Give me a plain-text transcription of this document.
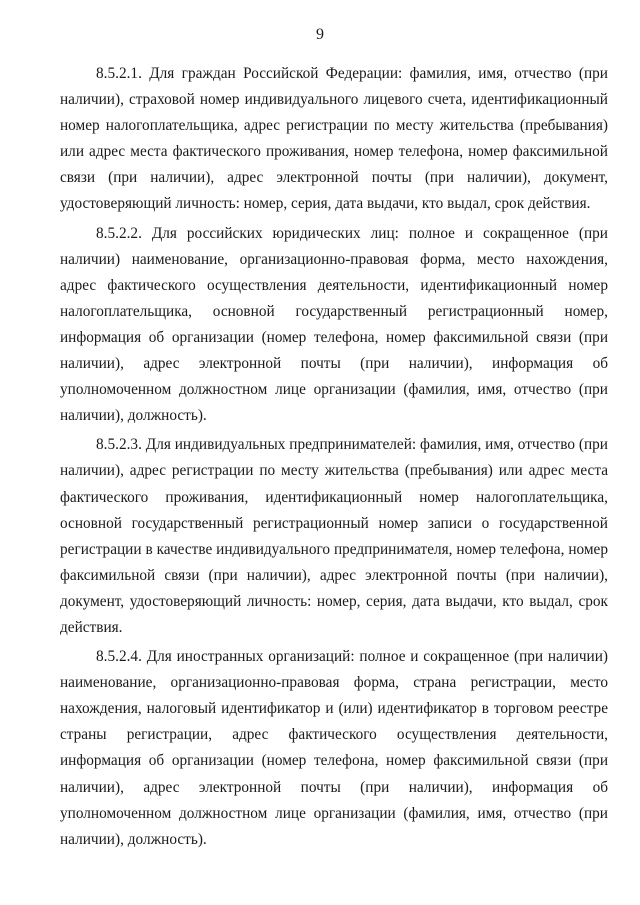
9

8.5.2.1. Для граждан Российской Федерации: фамилия, имя, отчество (при наличии), страховой номер индивидуального лицевого счета, идентификационный номер налогоплательщика, адрес регистрации по месту жительства (пребывания) или адрес места фактического проживания, номер телефона, номер факсимильной связи (при наличии), адрес электронной почты (при наличии), документ, удостоверяющий личность: номер, серия, дата выдачи, кто выдал, срок действия.

8.5.2.2. Для российских юридических лиц: полное и сокращенное (при наличии) наименование, организационно-правовая форма, место нахождения, адрес фактического осуществления деятельности, идентификационный номер налогоплательщика, основной государственный регистрационный номер, информация об организации (номер телефона, номер факсимильной связи (при наличии), адрес электронной почты (при наличии), информация об уполномоченном должностном лице организации (фамилия, имя, отчество (при наличии), должность).

8.5.2.3. Для индивидуальных предпринимателей: фамилия, имя, отчество (при наличии), адрес регистрации по месту жительства (пребывания) или адрес места фактического проживания, идентификационный номер налогоплательщика, основной государственный регистрационный номер записи о государственной регистрации в качестве индивидуального предпринимателя, номер телефона, номер факсимильной связи (при наличии), адрес электронной почты (при наличии), документ, удостоверяющий личность: номер, серия, дата выдачи, кто выдал, срок действия.

8.5.2.4. Для иностранных организаций: полное и сокращенное (при наличии) наименование, организационно-правовая форма, страна регистрации, место нахождения, налоговый идентификатор и (или) идентификатор в торговом реестре страны регистрации, адрес фактического осуществления деятельности, информация об организации (номер телефона, номер факсимильной связи (при наличии), адрес электронной почты (при наличии), информация об уполномоченном должностном лице организации (фамилия, имя, отчество (при наличии), должность).
